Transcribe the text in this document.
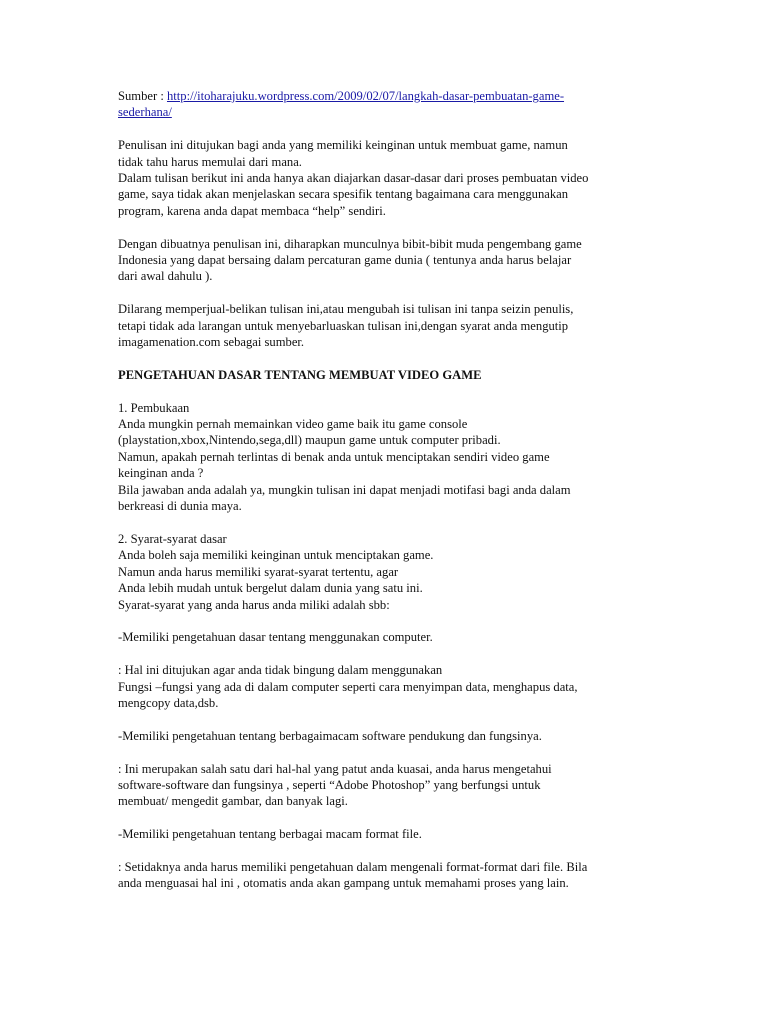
Sumber : http://itoharajuku.wordpress.com/2009/02/07/langkah-dasar-pembuatan-game-
sederhana/
Penulisan ini ditujukan bagi anda yang memiliki keinginan untuk membuat game, namun
tidak tahu harus memulai dari mana.
Dalam tulisan berikut ini anda hanya akan diajarkan dasar-dasar dari proses pembuatan video
game, saya tidak akan menjelaskan secara spesifik tentang bagaimana cara menggunakan
program, karena anda dapat membaca “help” sendiri.
Dengan dibuatnya penulisan ini, diharapkan munculnya bibit-bibit muda pengembang game
Indonesia yang dapat bersaing dalam percaturan game dunia ( tentunya anda harus belajar
dari awal dahulu ).
Dilarang memperjual-belikan tulisan ini,atau mengubah isi tulisan ini tanpa seizin penulis,
tetapi tidak ada larangan untuk menyebarluaskan tulisan ini,dengan syarat anda mengutip
imagamenation.com sebagai sumber.
PENGETAHUAN DASAR TENTANG MEMBUAT VIDEO GAME
1. Pembukaan
Anda mungkin pernah memainkan video game baik itu game console
(playstation,xbox,Nintendo,sega,dll) maupun game untuk computer pribadi.
Namun, apakah pernah terlintas di benak anda untuk menciptakan sendiri video game
keinginan anda ?
Bila jawaban anda adalah ya, mungkin tulisan ini dapat menjadi motifasi bagi anda dalam
berkreasi di dunia maya.
2. Syarat-syarat dasar
Anda boleh saja memiliki keinginan untuk menciptakan game.
Namun anda harus memiliki syarat-syarat tertentu, agar
Anda lebih mudah untuk bergelut dalam dunia yang satu ini.
Syarat-syarat yang anda harus anda miliki adalah sbb:
-Memiliki pengetahuan dasar tentang menggunakan computer.
: Hal ini ditujukan agar anda tidak bingung dalam menggunakan
Fungsi –fungsi yang ada di dalam computer seperti cara menyimpan data, menghapus data,
mengcopy data,dsb.
-Memiliki pengetahuan tentang berbagaimacam software pendukung dan fungsinya.
: Ini merupakan salah satu dari hal-hal yang patut anda kuasai, anda harus mengetahui
software-software dan fungsinya , seperti “Adobe Photoshop” yang berfungsi untuk
membuat/ mengedit gambar, dan banyak lagi.
-Memiliki pengetahuan tentang berbagai macam format file.
: Setidaknya anda harus memiliki pengetahuan dalam mengenali format-format dari file. Bila
anda menguasai hal ini , otomatis anda akan gampang untuk memahami proses yang lain.
